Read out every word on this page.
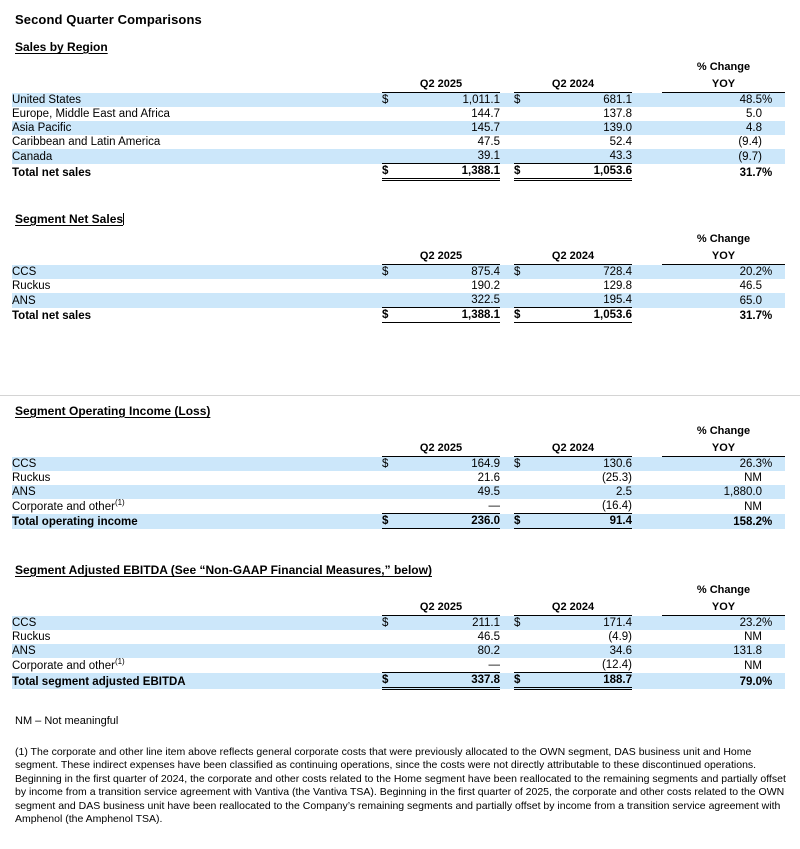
Second Quarter Comparisons
Sales by Region
							% Change	
	Q2 2025			Q2 2024			YOY	
United States	$	1,011.1		$	681.1		48.5	%
Europe, Middle East and Africa		144.7			137.8		5.0	
Asia Pacific		145.7			139.0		4.8	
Caribbean and Latin America		47.5			52.4		(9.4)	
Canada		39.1			43.3		(9.7)	
Total net sales	$	1,388.1		$	1,053.6		31.7	%
Segment Net Sales
							% Change	
	Q2 2025			Q2 2024			YOY	
CCS	$	875.4		$	728.4		20.2	%
Ruckus		190.2			129.8		46.5	
ANS		322.5			195.4		65.0	
Total net sales	$	1,388.1		$	1,053.6		31.7	%
Segment Operating Income (Loss)
							% Change	
	Q2 2025			Q2 2024			YOY	
CCS	$	164.9		$	130.6		26.3	%
Ruckus		21.6			(25.3)		NM	
ANS		49.5			2.5		1,880.0	
Corporate and other$^{(1)}$		—			(16.4)		NM	
Total operating income	$	236.0		$	91.4		158.2	%
Segment Adjusted EBITDA (See “Non-GAAP Financial Measures,” below)
							% Change	
	Q2 2025			Q2 2024			YOY	
CCS	$	211.1		$	171.4		23.2	%
Ruckus		46.5			(4.9)		NM	
ANS		80.2			34.6		131.8	
Corporate and other$^{(1)}$		—			(12.4)		NM	
Total segment adjusted EBITDA	$	337.8		$	188.7		79.0	%
NM – Not meaningful

(1) The corporate and other line item above reflects general corporate costs that were previously allocated to the OWN segment, DAS business unit and Home segment. These indirect expenses have been classified as continuing operations, since the costs were not directly attributable to these discontinued operations. Beginning in the first quarter of 2024, the corporate and other costs related to the Home segment have been reallocated to the remaining segments and partially offset by income from a transition service agreement with Vantiva (the Vantiva TSA). Beginning in the first quarter of 2025, the corporate and other costs related to the OWN segment and DAS business unit have been reallocated to the Company’s remaining segments and partially offset by income from a transition service agreement with Amphenol (the Amphenol TSA).
